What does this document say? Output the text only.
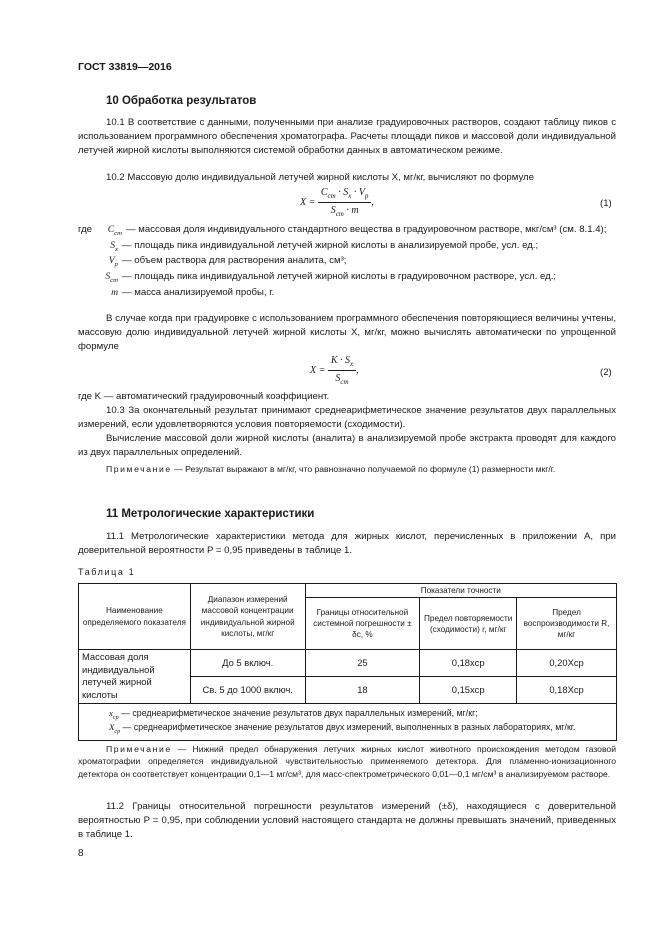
ГОСТ 33819—2016
10 Обработка результатов
10.1 В соответствие с данными, полученными при анализе градуировочных растворов, создают таблицу пиков с использованием программного обеспечения хроматографа. Расчеты площади пиков и массовой доли индивидуальной летучей жирной кислоты выполняются системой обработки данных в автоматическом режиме.
10.2 Массовую долю индивидуальной летучей жирной кислоты X, мг/кг, вычисляют по формуле
$X = \frac{C_{ст} \cdot S_x \cdot V_р}{S_{ст} \cdot m}$ ,	(1)
где	$C_{ст}$ — массовая доля индивидуального стандартного вещества в градуировочном растворе, мкг/см³ (см. 8.1.4);
$S_x$ — площадь пика индивидуальной летучей жирной кислоты в анализируемой пробе, усл. ед.;
$V_р$ — объем раствора для растворения аналита, см³;
$S_{ст}$ — площадь пика индивидуальной летучей жирной кислоты в градуировочном растворе, усл. ед.;
m — масса анализируемой пробы, г.
В случае когда при градуировке с использованием программного обеспечения повторяющиеся величины учтены, массовую долю индивидуальной летучей жирной кислоты X, мг/кг, можно вычислять автоматически по упрощенной формуле
$X = \frac{K \cdot S_x}{S_{ст}}$ ,	(2)
где K — автоматический градуировочный коэффициент.
10.3 За окончательный результат принимают среднеарифметическое значение результатов двух параллельных измерений, если удовлетворяются условия повторяемости (сходимости).
Вычисление массовой доли жирной кислоты (аналита) в анализируемой пробе экстракта проводят для каждого из двух параллельных определений.
Примечание — Результат выражают в мг/кг, что равнозначно получаемой по формуле (1) размерности мкг/г.
11 Метрологические характеристики
11.1 Метрологические характеристики метода для жирных кислот, перечисленных в приложении А, при доверительной вероятности P = 0,95 приведены в таблице 1.
Таблица 1
Наименование определяемого показателя	Диапазон измерений массовой концентрации индивидуальной жирной кислоты, мг/кг	Показатели точности		
		Границы относительной системной погрешности ± δс, %	Предел повторяемости (сходимости) r, мг/кг	Предел воспроизводимости R, мг/кг
Массовая доля индивидуальной летучей жирной кислоты	До 5 включ.	25	0,18xср	0,20Xср
	Св. 5 до 1000 включ.	18	0,15xср	0,18Xср

$x_{ср}$ — среднеарифметическое значение результатов двух параллельных измерений, мг/кг;
$X_{ср}$ — среднеарифметическое значение результатов двух измерений, выполненных в разных лабораториях, мг/кг.				
Примечание — Нижний предел обнаружения летучих жирных кислот животного происхождения методом газовой хроматографии определяется индивидуальной чувствительностью применяемого детектора. Для пламенно-ионизационного детектора он соответствует концентрации 0,1—1 мг/см³, для масс-спектрометрического 0,01—0,1 мг/см³ в анализируемом растворе.
11.2 Границы относительной погрешности результатов измерений (±δ), находящиеся с доверительной вероятностью P = 0,95, при соблюдении условий настоящего стандарта не должны превышать значений, приведенных в таблице 1.
8
